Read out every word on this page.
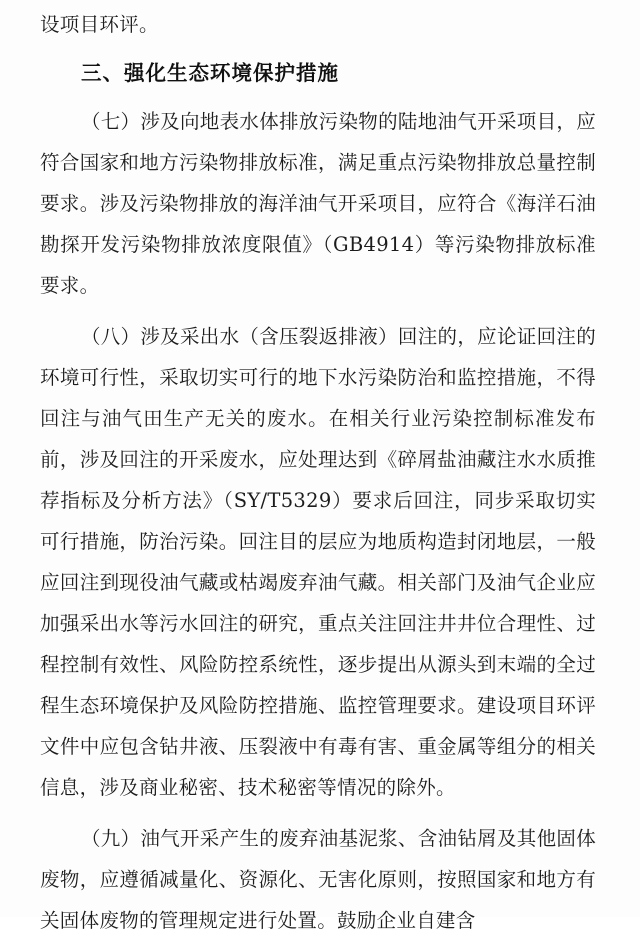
设项目环评。

三、强化生态环境保护措施

（七）涉及向地表水体排放污染物的陆地油气开采项目，应符合国家和地方污染物排放标准，满足重点污染物排放总量控制要求。涉及污染物排放的海洋油气开采项目，应符合《海洋石油勘探开发污染物排放浓度限值》（GB4914）等污染物排放标准要求。

（八）涉及采出水（含压裂返排液）回注的，应论证回注的环境可行性，采取切实可行的地下水污染防治和监控措施，不得回注与油气田生产无关的废水。在相关行业污染控制标准发布前，涉及回注的开采废水，应处理达到《碎屑盐油藏注水水质推荐指标及分析方法》（SY/T5329）要求后回注，同步采取切实可行措施，防治污染。回注目的层应为地质构造封闭地层，一般应回注到现役油气藏或枯竭废弃油气藏。相关部门及油气企业应加强采出水等污水回注的研究，重点关注回注井井位合理性、过程控制有效性、风险防控系统性，逐步提出从源头到末端的全过程生态环境保护及风险防控措施、监控管理要求。建设项目环评文件中应包含钻井液、压裂液中有毒有害、重金属等组分的相关信息，涉及商业秘密、技术秘密等情况的除外。

（九）油气开采产生的废弃油基泥浆、含油钻屑及其他固体废物，应遵循减量化、资源化、无害化原则，按照国家和地方有关固体废物的管理规定进行处置。鼓励企业自建含
